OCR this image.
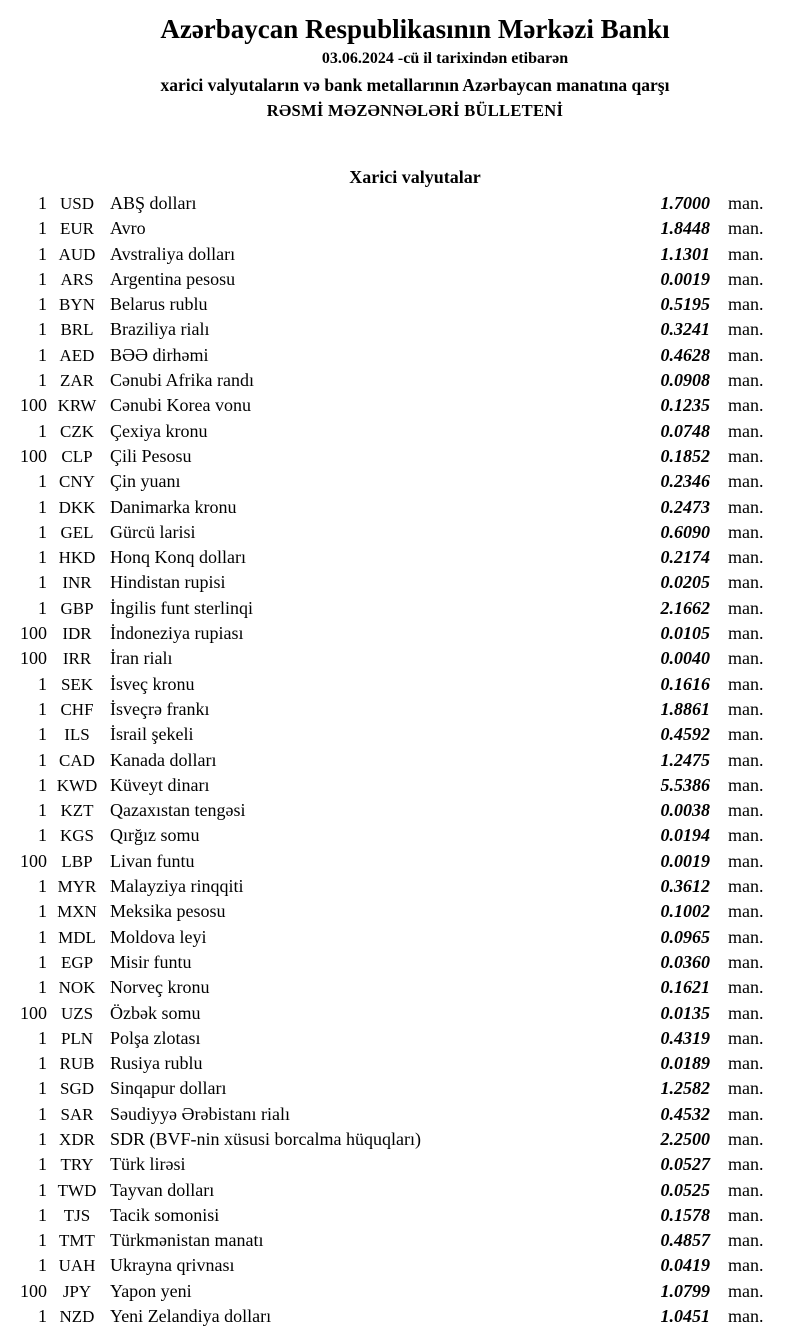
Azərbaycan Respublikasının Mərkəzi Bankı
03.06.2024 -cü il tarixindən etibarən
xarici valyutaların və bank metallarının Azərbaycan manatına qarşı
RƏSMİ MƏZƏNNƏLƏRİ BÜLLETENİ
Xarici valyutalar
1 USD ABŞ dolları	1.7000	man.
1 EUR Avro	1.8448	man.
1 AUD Avstraliya dolları	1.1301	man.
1 ARS Argentina pesosu	0.0019	man.
1 BYN Belarus rublu	0.5195	man.
1 BRL Braziliya rialı	0.3241	man.
1 AED BƏƏ dirhəmi	0.4628	man.
1 ZAR Cənubi Afrika randı	0.0908	man.
100 KRW Cənubi Korea vonu	0.1235	man.
1 CZK Çexiya kronu	0.0748	man.
100 CLP Çili Pesosu	0.1852	man.
1 CNY Çin yuanı	0.2346	man.
1 DKK Danimarka kronu	0.2473	man.
1 GEL Gürcü larisi	0.6090	man.
1 HKD Honq Konq dolları	0.2174	man.
1 INR	Hindistan rupisi	0.0205	man.
1 GBP İngilis funt sterlinqi	2.1662	man.
100 IDR	İndoneziya rupiası	0.0105	man.
100 IRR	İran rialı	0.0040	man.
1 SEK İsveç kronu	0.1616	man.
1 CHF İsveçrə frankı	1.8861	man.
1	ILS	İsrail şekeli	0.4592	man.
1 CAD Kanada dolları	1.2475	man.
1 KWD Küveyt dinarı	5.5386	man.
1 KZT Qazaxıstan tengəsi	0.0038	man.
1 KGS Qırğız somu	0.0194	man.
100 LBP Livan funtu	0.0019	man.
1 MYR Malayziya rinqqiti	0.3612	man.
1 MXN Meksika pesosu	0.1002	man.
1 MDL Moldova leyi	0.0965	man.
1 EGP Misir funtu	0.0360	man.
1 NOK Norveç kronu	0.1621	man.
100 UZS Özbək somu	0.0135	man.
1 PLN Polşa zlotası	0.4319	man.
1 RUB Rusiya rublu	0.0189	man.
1 SGD Sinqapur dolları	1.2582	man.
1 SAR Səudiyyə Ərəbistanı rialı	0.4532	man.
1 XDR SDR (BVF-nin xüsusi borcalma hüquqları)	2.2500	man.
1 TRY Türk lirəsi	0.0527	man.
1 TWD Tayvan dolları	0.0525	man.
1 TJS	Tacik somonisi	0.1578	man.
1 TMT Türkmənistan manatı	0.4857	man.
1 UAH Ukrayna qrivnası	0.0419	man.
100 JPY	Yapon yeni	1.0799	man.
1 NZD Yeni Zelandiya dolları	1.0451	man.
